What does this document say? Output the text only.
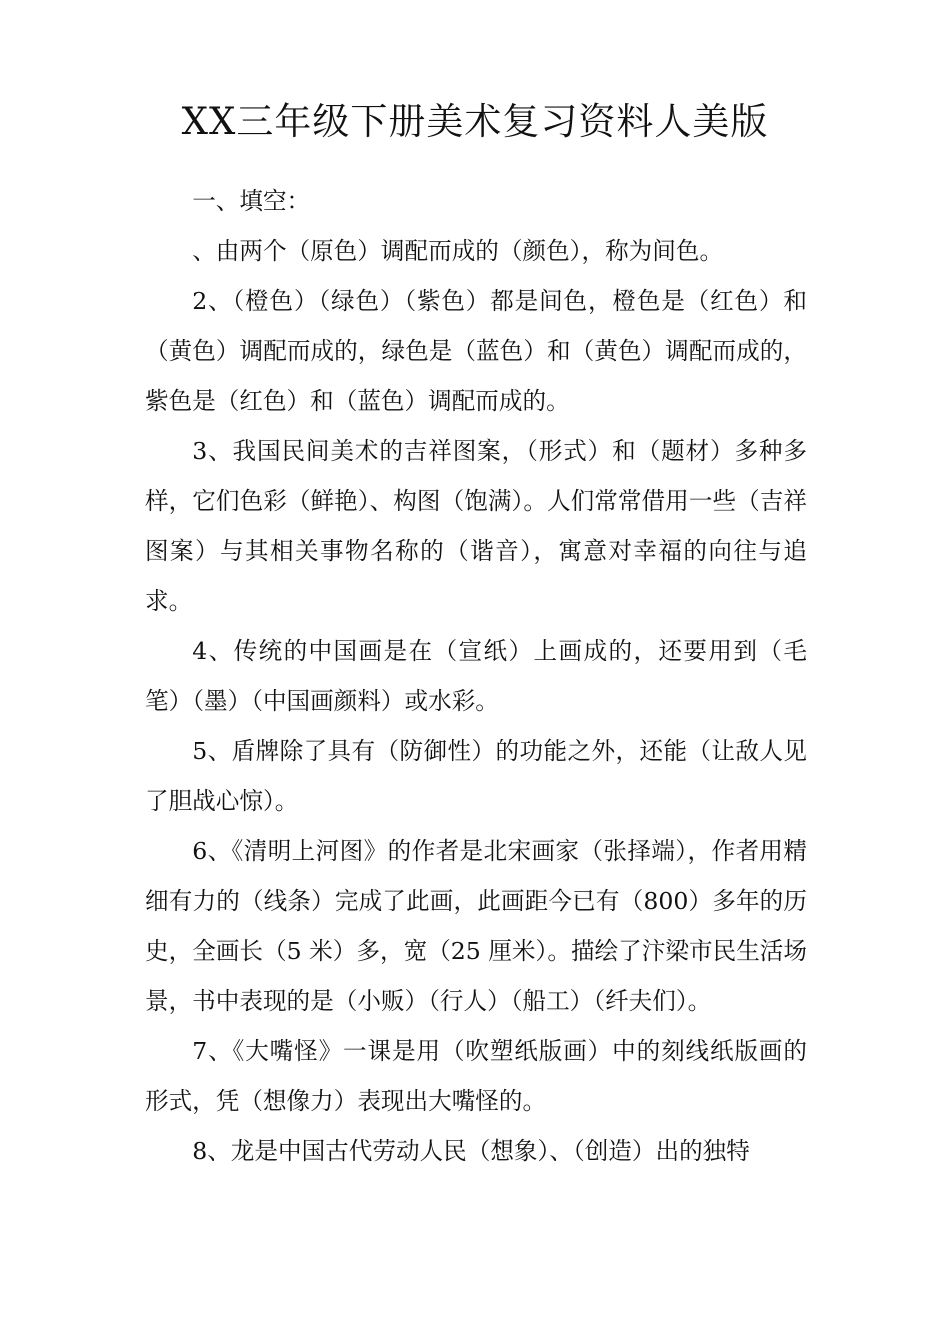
XX三年级下册美术复习资料人美版

一、填空：

、由两个（原色）调配而成的（颜色），称为间色。

2、（橙色）（绿色）（紫色）都是间色，橙色是（红色）和（黄色）调配而成的，绿色是（蓝色）和（黄色）调配而成的，紫色是（红色）和（蓝色）调配而成的。

3、我国民间美术的吉祥图案，（形式）和（题材）多种多样，它们色彩（鲜艳）、构图（饱满）。人们常常借用一些（吉祥图案）与其相关事物名称的（谐音），寓意对幸福的向往与追求。

4、传统的中国画是在（宣纸）上画成的，还要用到（毛笔）（墨）（中国画颜料）或水彩。

5、盾牌除了具有（防御性）的功能之外，还能（让敌人见了胆战心惊）。

6、《清明上河图》的作者是北宋画家（张择端），作者用精细有力的（线条）完成了此画，此画距今已有（800）多年的历史，全画长（5 米）多，宽（25 厘米）。描绘了汴梁市民生活场景，书中表现的是（小贩）（行人）（船工）（纤夫们）。

7、《大嘴怪》一课是用（吹塑纸版画）中的刻线纸版画的形式，凭（想像力）表现出大嘴怪的。

8、龙是中国古代劳动人民（想象）、（创造）出的独特
